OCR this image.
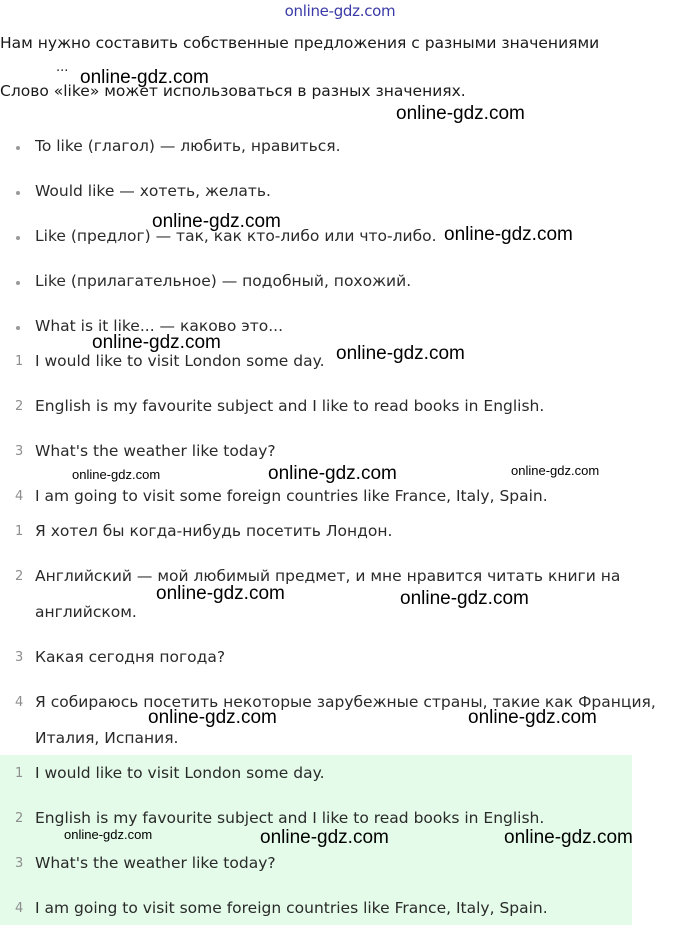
online-gdz.com
Нам нужно составить собственные предложения с разными значениями
...
Слово «like» может использоваться в разных значениях.
To like (глагол) — любить, нравиться.
Would like — хотеть, желать.
Like (предлог) — так, как кто-либо или что-либо.
Like (прилагательное) — подобный, похожий.
What is it like... — каково это...
1 I would like to visit London some day.
2 English is my favourite subject and I like to read books in English.
3 What's the weather like today?
4 I am going to visit some foreign countries like France, Italy, Spain.
1 Я хотел бы когда-нибудь посетить Лондон.
2 Английский — мой любимый предмет, и мне нравится читать книги на
английском.
3 Какая сегодня погода?
4 Я собираюсь посетить некоторые зарубежные страны, такие как Франция,
Италия, Испания.
1 I would like to visit London some day.
2 English is my favourite subject and I like to read books in English.
3 What's the weather like today?
4 I am going to visit some foreign countries like France, Italy, Spain.
online-gdz.com
online-gdz.com
online-gdz.com
online-gdz.com
online-gdz.com
online-gdz.com
online-gdz.com	online-gdz.com	online-gdz.com
online-gdz.com	online-gdz.com
online-gdz.com	online-gdz.com
online-gdz.com	online-gdz.com	online-gdz.com
